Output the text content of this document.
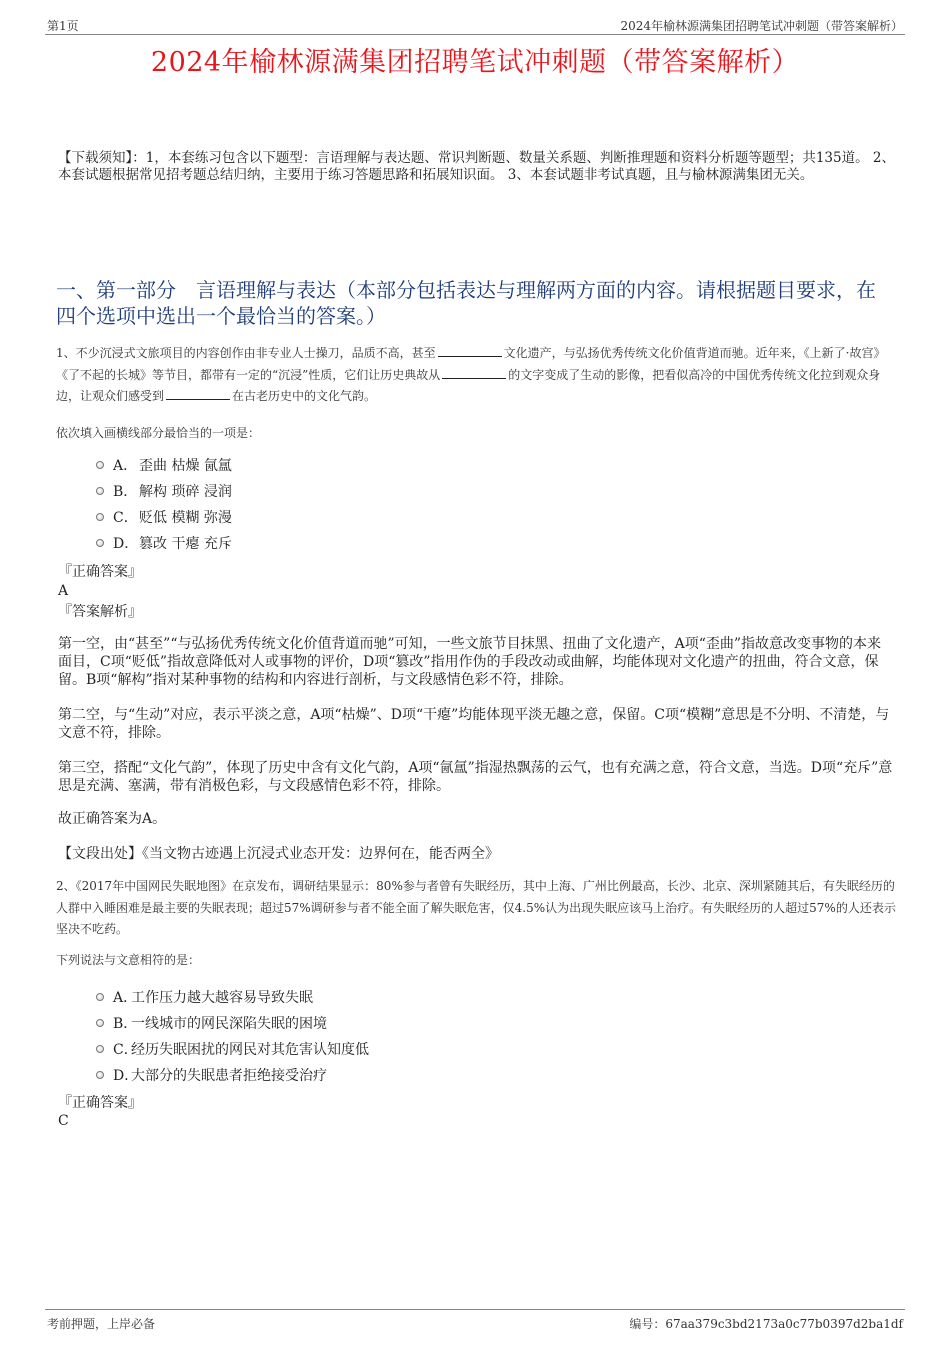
第1页	2024年榆林源满集团招聘笔试冲刺题（带答案解析）
2024年榆林源满集团招聘笔试冲刺题（带答案解析）
【下载须知】：1，本套练习包含以下题型：言语理解与表达题、常识判断题、数量关系题、判断推理题和资料分析题等题型；共135道。 2、本套试题根据常见招考题总结归纳，主要用于练习答题思路和拓展知识面。 3、本套试题非考试真题，且与榆林源满集团无关。
一、第一部分　言语理解与表达（本部分包括表达与理解两方面的内容。请根据题目要求，在四个选项中选出一个最恰当的答案。）
1、不少沉浸式文旅项目的内容创作由非专业人士操刀，品质不高，甚至	文化遗产，与弘扬优秀传统文化价值背道而驰。近年来，《上新了·故宫》《了不起的长城》等节目，都带有一定的“沉浸”性质，它们让历史典故从	的文字变成了生动的影像，把看似高冷的中国优秀传统文化拉到观众身边，让观众们感受到	在古老历史中的文化气韵。
依次填入画横线部分最恰当的一项是：
A． 歪曲 枯燥 氤氲
B． 解构 琐碎 浸润
C． 贬低 模糊 弥漫
D． 篡改 干瘪 充斥
『正确答案』
A
『答案解析』
第一空，由“甚至”“与弘扬优秀传统文化价值背道而驰”可知，一些文旅节目抹黑、扭曲了文化遗产，A项“歪曲”指故意改变事物的本来面目，C项“贬低”指故意降低对人或事物的评价，D项“篡改”指用作伪的手段改动或曲解，均能体现对文化遗产的扭曲，符合文意，保留。B项“解构”指对某种事物的结构和内容进行剖析，与文段感情色彩不符，排除。
第二空，与“生动”对应，表示平淡之意，A项“枯燥”、D项“干瘪”均能体现平淡无趣之意，保留。C项“模糊”意思是不分明、不清楚，与文意不符，排除。
第三空，搭配“文化气韵”，体现了历史中含有文化气韵，A项“氤氲”指湿热飘荡的云气，也有充满之意，符合文意，当选。D项“充斥”意思是充满、塞满，带有消极色彩，与文段感情色彩不符，排除。
故正确答案为A。
【文段出处】《当文物古迹遇上沉浸式业态开发：边界何在，能否两全》
2、《2017年中国网民失眠地图》在京发布，调研结果显示：80%参与者曾有失眠经历，其中上海、广州比例最高，长沙、北京、深圳紧随其后，有失眠经历的人群中入睡困难是最主要的失眠表现；超过57%调研参与者不能全面了解失眠危害，仅4.5%认为出现失眠应该马上治疗。有失眠经历的人超过57%的人还表示坚决不吃药。
下列说法与文意相符的是：
A．
工作压力越大越容易导致失眠
B．
一线城市的网民深陷失眠的困境
C．
经历失眠困扰的网民对其危害认知度低
D．
大部分的失眠患者拒绝接受治疗
『正确答案』
C
考前押题，上岸必备	编号：67aa379c3bd2173a0c77b0397d2ba1df
